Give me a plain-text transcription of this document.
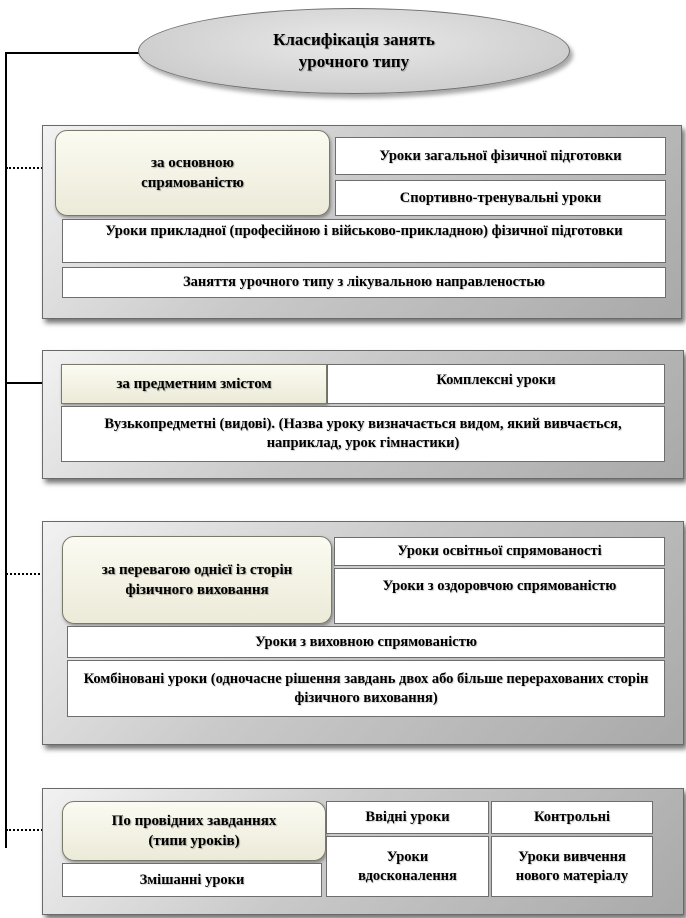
Класифікація занять
урочного типу
за основною
спрямованістю
Уроки загальної фізичної підготовки
Спортивно-тренувальні уроки
Уроки прикладної (професійною і військово-прикладною) фізичної підготовки
Заняття урочного типу з лікувальною направленостью
за предметним змістом	Комплексні уроки
Вузькопредметні (видові). (Назва уроку визначається видом, який вивчається, наприклад, урок гімнастики)
за перевагою однієї із сторін
фізичного виховання
Уроки освітньої спрямованості
Уроки з оздоровчою спрямованістю
Уроки з виховною спрямованістю
Комбіновані уроки (одночасне рішення завдань двох або більше перерахованих сторін фізичного виховання)
По провідних завданнях
(типи уроків)
Ввідні уроки	Контрольні
Уроки вдосконалення
Уроки вивчення нового матеріалу
Змішанні уроки
